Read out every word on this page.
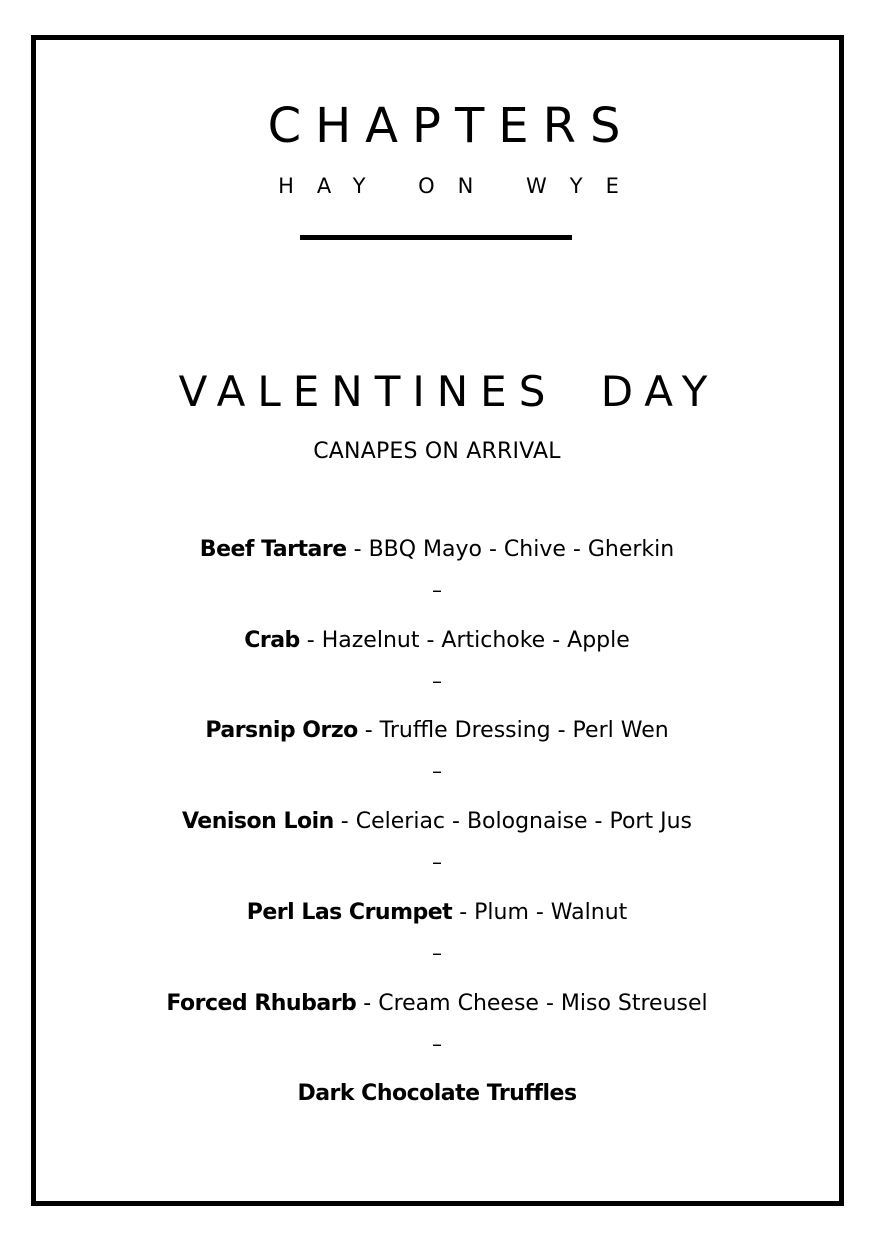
CHAPTERS
HAY ON WYE
VALENTINES DAY
CANAPES ON ARRIVAL
Beef Tartare - BBQ Mayo - Chive - Gherkin
–
Crab - Hazelnut - Artichoke - Apple
–
Parsnip Orzo - Truffle Dressing - Perl Wen
–
Venison Loin - Celeriac - Bolognaise - Port Jus
–
Perl Las Crumpet - Plum - Walnut
–
Forced Rhubarb - Cream Cheese - Miso Streusel
–
Dark Chocolate Truffles
